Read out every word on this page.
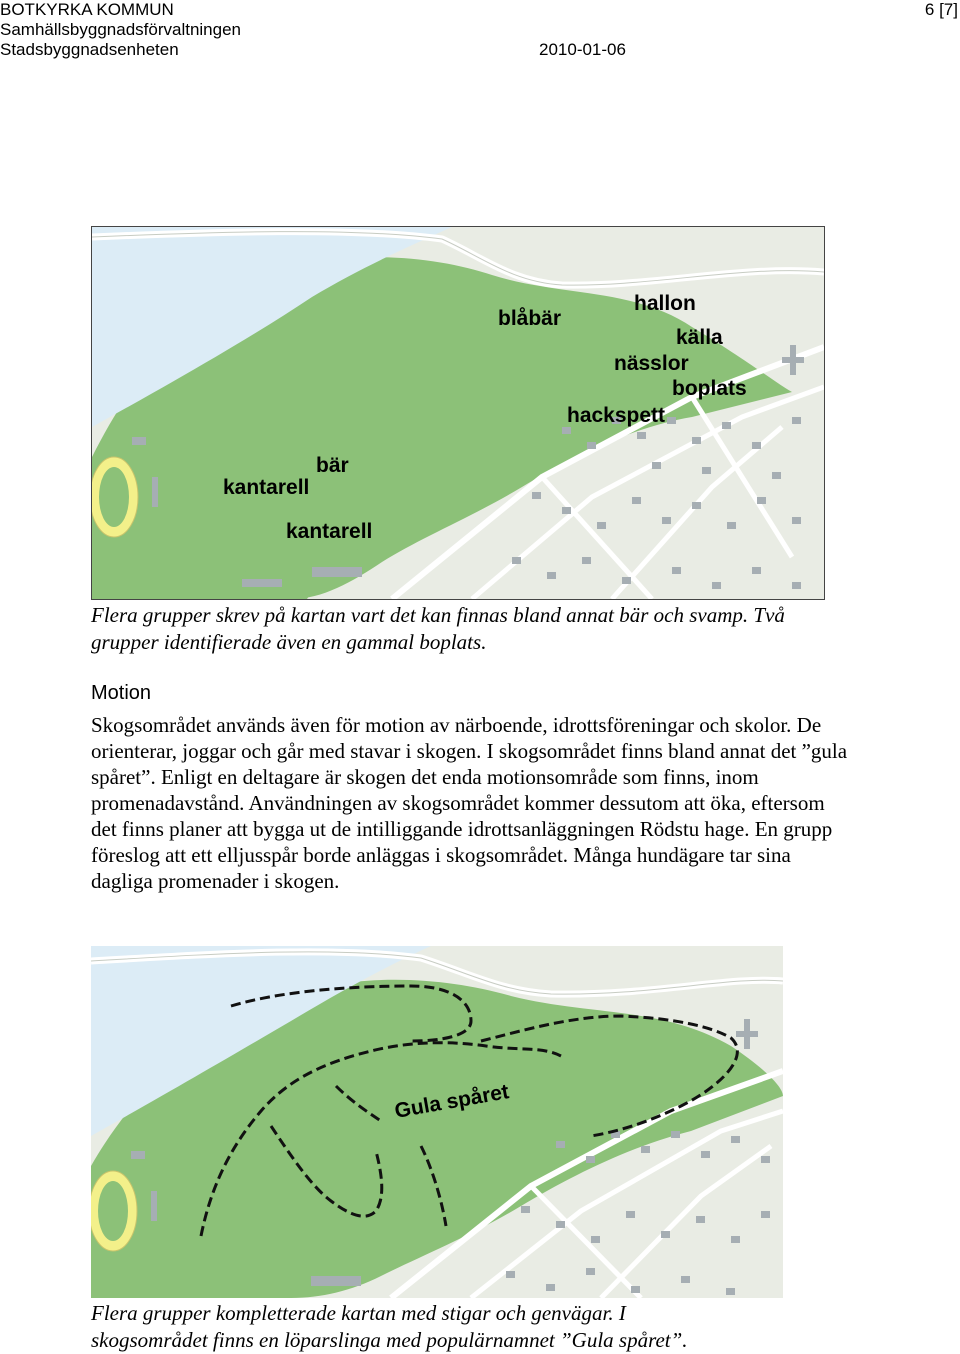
BOTKYRKA KOMMUN
Samhällsbyggnadsförvaltningen
Stadsbyggnadsenheten	2010-01-06
6 [7]
blåbär
hallon
källa
nässlor
boplats
hackspett
bär
kantarell
kantarell

Flera grupper skrev på kartan vart det kan finnas bland annat bär och svamp. Två grupper identifierade även en gammal boplats.

Motion

Skogsområdet används även för motion av närboende, idrottsföreningar och skolor. De orienterar, joggar och går med stavar i skogen. I skogsområdet finns bland annat det ”gula spåret”. Enligt en deltagare är skogen det enda motionsområde som finns, inom promenadavstånd. Användningen av skogsområdet kommer dessutom att öka, eftersom det finns planer att bygga ut de intilliggande idrottsanläggningen Rödstu hage. En grupp föreslog att ett elljusspår borde anläggas i skogsområdet. Många hundägare tar sina dagliga promenader i skogen.

Gula spåret

Flera grupper kompletterade kartan med stigar och genvägar. I skogsområdet finns en löparslinga med populärnamnet ”Gula spåret”.
